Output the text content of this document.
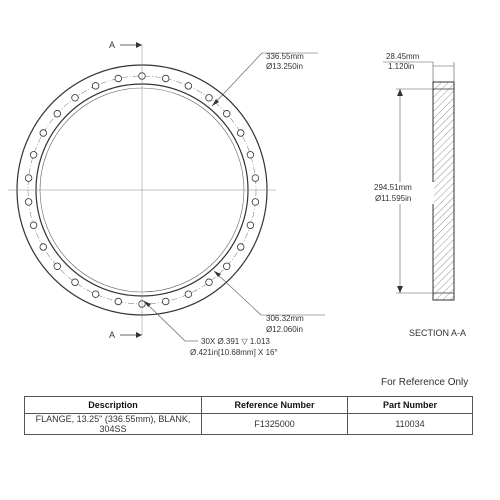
A
A
336.55mm
Ø13.250in
306.32mm
Ø12.060in
30X Ø.391 ▽ 1.013
Ø.421in[10.68mm] X 16°
28.45mm
1.120in
294.51mm
Ø11.595in
SECTION A-A
For Reference Only
Description	Reference Number	Part Number
FLANGE, 13.25" (336.55mm), BLANK, 304SS	F1325000	110034
